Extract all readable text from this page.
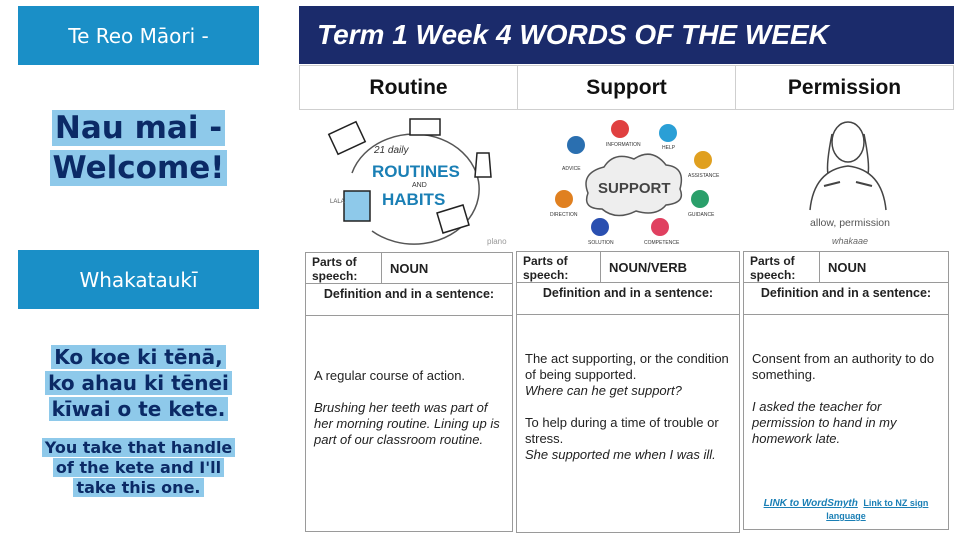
Te Reo Māori -
Nau mai -
Welcome!
Whakataukī
Ko koe ki tēnā,
ko ahau ki tēnei
kīwai o te kete.
You take that handle
of the kete and I'll
take this one.
Term 1 Week 4 WORDS OF THE WEEK
Routine	Support	Permission
21 daily
ROUTINES
AND
HABITS
LALA
plano
SUPPORT
ADVICE
INFORMATION	HELP
ASSISTANCE
GUIDANCE
COMPETENCE
SOLUTION
DIRECTION
allow, permission
whakaae
Parts of speech:
NOUN
Definition and in a sentence:

A regular course of action.

Brushing her teeth was part of her morning routine. Lining up is part of our classroom routine.

Parts of speech:
NOUN/VERB
Definition and in a sentence:
The act supporting, or the condition of being supported.
Where can he get support?
To help during a time of trouble or stress.
She supported me when I was ill.
Parts of speech:
NOUN
Definition and in a sentence:

Consent from an authority to do something.

I asked the teacher for permission to hand in my homework late.

LINK to WordSmyth Link to NZ sign language
